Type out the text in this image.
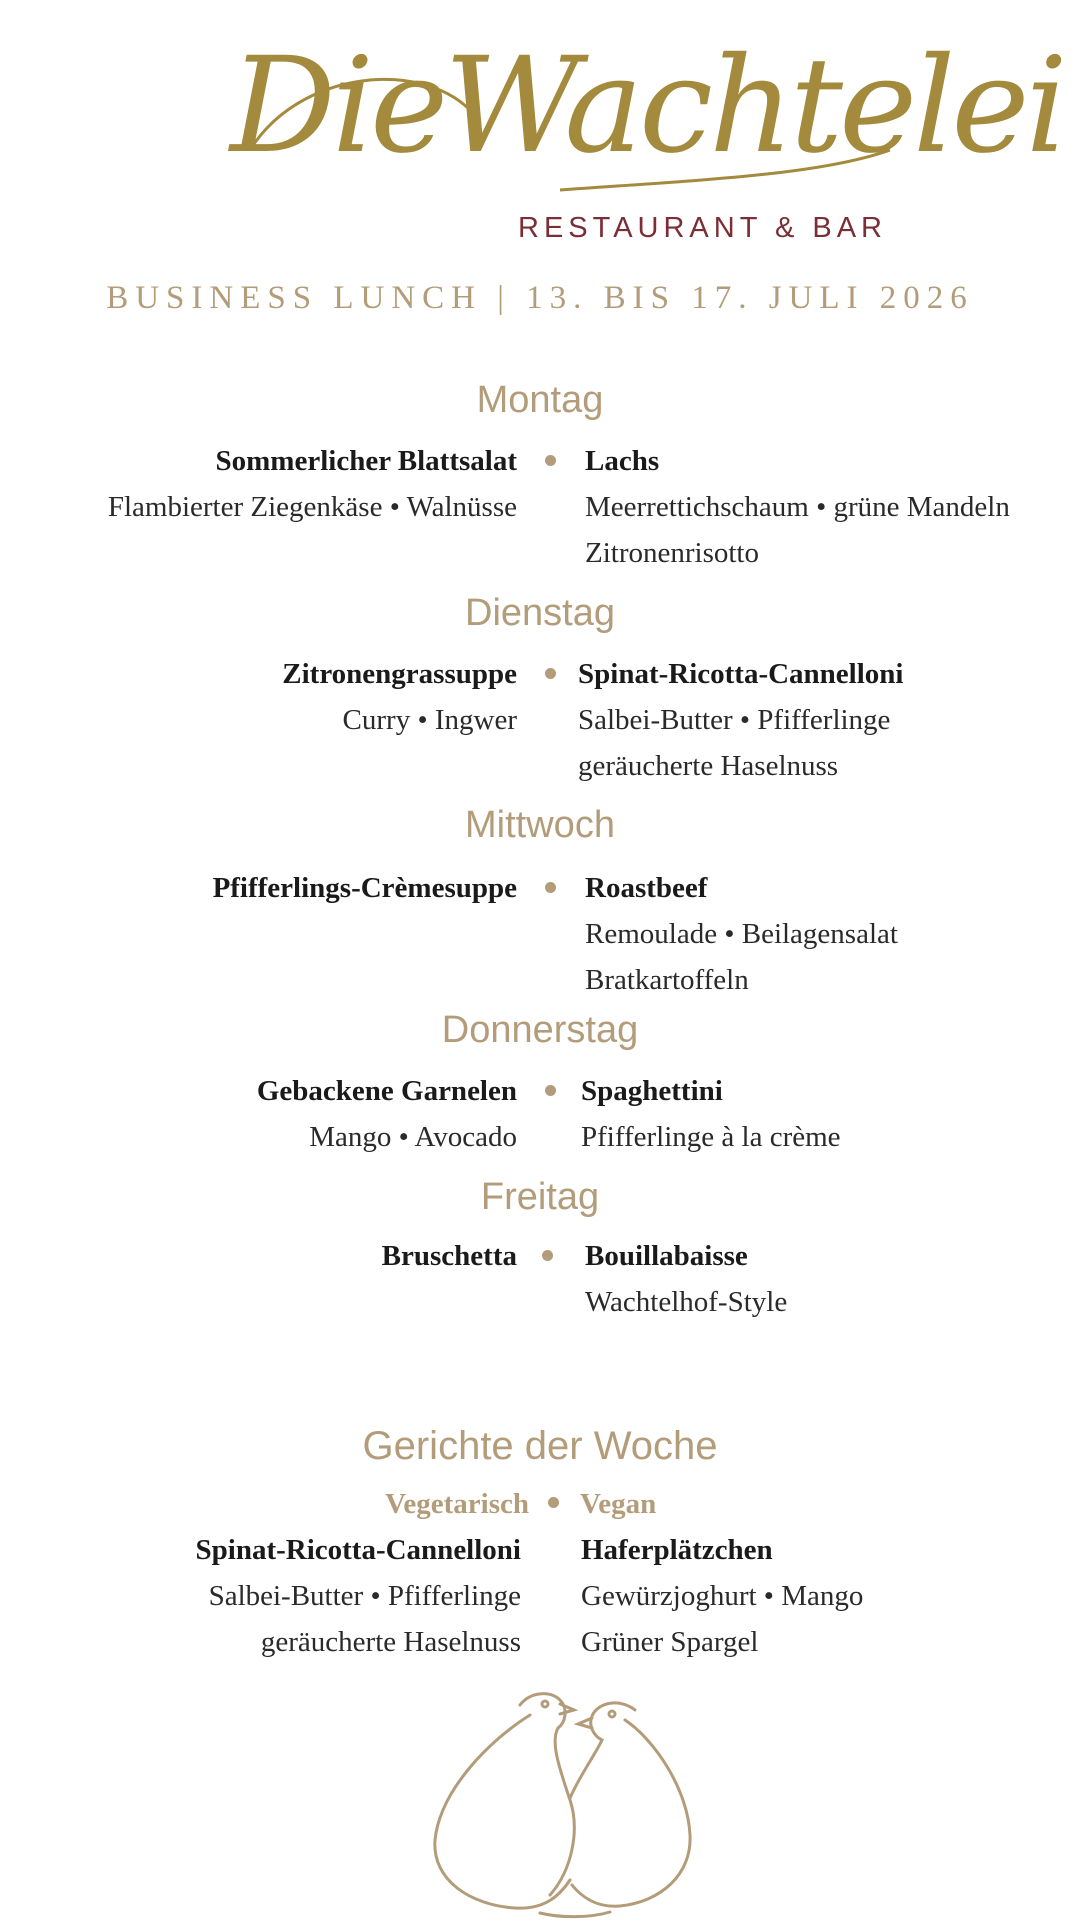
DieWachtelei
RESTAURANT & BAR
BUSINESS LUNCH | 13. BIS 17. JULI 2026
Montag
Sommerlicher Blattsalat Lachs
Flambierter Ziegenkäse • Walnüsse Meerrettichschaum • grüne Mandeln
Zitronenrisotto
Dienstag
Zitronengrassuppe Spinat-Ricotta-Cannelloni
Curry • Ingwer Salbei-Butter • Pfifferlinge
geräucherte Haselnuss
Mittwoch
Pfifferlings-Crèmesuppe Roastbeef
Remoulade • Beilagensalat
Bratkartoffeln
Donnerstag
Gebackene Garnelen Spaghettini
Mango • Avocado Pfifferlinge à la crème
Freitag
Bruschetta Bouillabaisse
Wachtelhof-Style
Gerichte der Woche
Vegetarisch Vegan
Spinat-Ricotta-Cannelloni Haferplätzchen
Salbei-Butter • Pfifferlinge Gewürzjoghurt • Mango
geräucherte Haselnuss Grüner Spargel
